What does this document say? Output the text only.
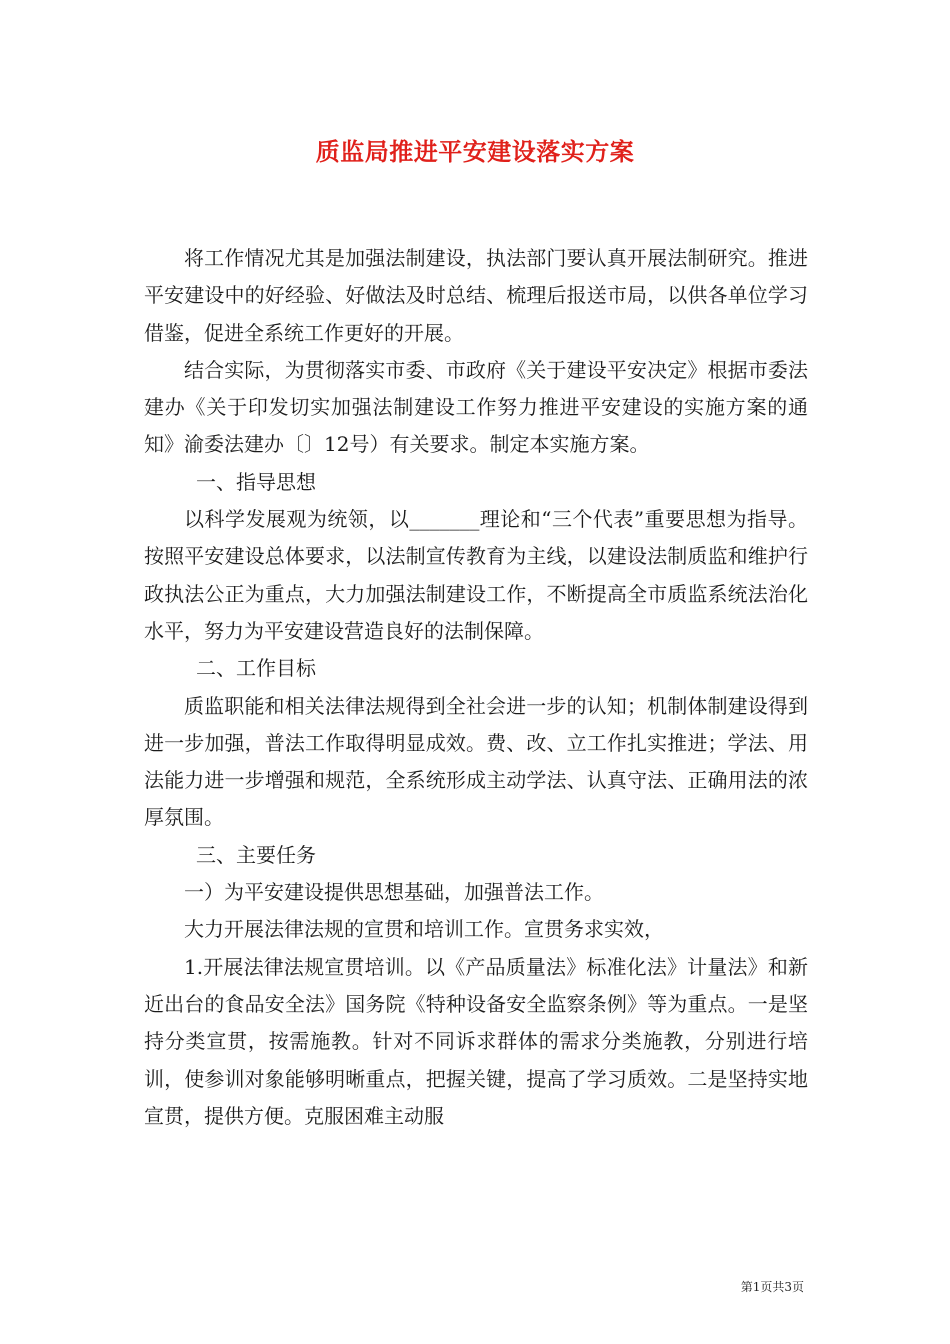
质监局推进平安建设落实方案

将工作情况尤其是加强法制建设，执法部门要认真开展法制研究。推进平安建设中的好经验、好做法及时总结、梳理后报送市局，以供各单位学习借鉴，促进全系统工作更好的开展。

结合实际，为贯彻落实市委、市政府《关于建设平安决定》根据市委法建办《关于印发切实加强法制建设工作努力推进平安建设的实施方案的通知》渝委法建办〔〕12号）有关要求。制定本实施方案。

一、指导思想

以科学发展观为统领，以_______理论和“三个代表”重要思想为指导。按照平安建设总体要求，以法制宣传教育为主线，以建设法制质监和维护行政执法公正为重点，大力加强法制建设工作，不断提高全市质监系统法治化水平，努力为平安建设营造良好的法制保障。

二、工作目标

质监职能和相关法律法规得到全社会进一步的认知；机制体制建设得到进一步加强，普法工作取得明显成效。费、改、立工作扎实推进；学法、用法能力进一步增强和规范，全系统形成主动学法、认真守法、正确用法的浓厚氛围。

三、主要任务

一）为平安建设提供思想基础，加强普法工作。

大力开展法律法规的宣贯和培训工作。宣贯务求实效，

1.开展法律法规宣贯培训。以《产品质量法》标准化法》计量法》和新近出台的食品安全法》国务院《特种设备安全监察条例》等为重点。一是坚持分类宣贯，按需施教。针对不同诉求群体的需求分类施教，分别进行培训，使参训对象能够明晰重点，把握关键，提高了学习质效。二是坚持实地宣贯，提供方便。克服困难主动服

第1页共3页
